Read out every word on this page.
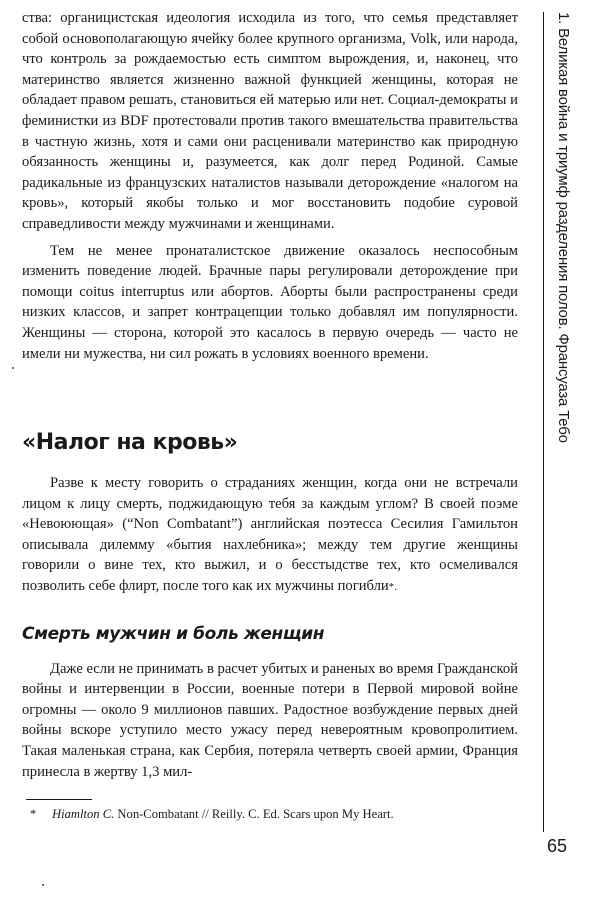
ства: органицистская идеология исходила из того, что семья представляет собой основополагающую ячейку более крупного организма, Volk, или народа, что контроль за рождаемостью есть симптом вырождения, и, наконец, что материнство является жизненно важной функцией женщины, которая не обладает правом решать, становиться ей матерью или нет. Социал-демократы и феминистки из BDF протестовали против такого вмешательства правительства в частную жизнь, хотя и сами они расценивали материнство как природную обязанность женщины и, разумеется, как долг перед Родиной. Самые радикальные из французских наталистов называли деторождение «налогом на кровь», который якобы только и мог восстановить подобие суровой справедливости между мужчинами и женщинами.

Тем не менее пронаталистское движение оказалось неспособным изменить поведение людей. Брачные пары регулировали деторождение при помощи coitus interruptus или абортов. Аборты были распространены среди низких классов, и запрет контрацепции только добавлял им популярности. Женщины — сторона, которой это касалось в первую очередь — часто не имели ни мужества, ни сил рожать в условиях военного времени.

«Налог на кровь»

Разве к месту говорить о страданиях женщин, когда они не встречали лицом к лицу смерть, поджидающую тебя за каждым углом? В своей поэме «Невоюющая» (“Non Combatant”) английская поэтесса Сесилия Гамильтон описывала дилемму «бытия нахлебника»; между тем другие женщины говорили о вине тех, кто выжил, и о бесстыдстве тех, кто осмеливался позволить себе флирт, после того как их мужчины погибли*.

Смерть мужчин и боль женщин

Даже если не принимать в расчет убитых и раненых во время Гражданской войны и интервенции в России, военные потери в Первой мировой войне огромны — около 9 миллионов павших. Радостное возбуждение первых дней войны вскоре уступило место ужасу перед невероятным кровопролитием. Такая маленькая страна, как Сербия, потеряла четверть своей армии, Франция принесла в жертву 1,3 мил-

* Hiamlton C. Non-Combatant // Reilly. C. Ed. Scars upon My Heart.
1. Великая война и триумф разделения полов. Франсуаза Тебо
65
